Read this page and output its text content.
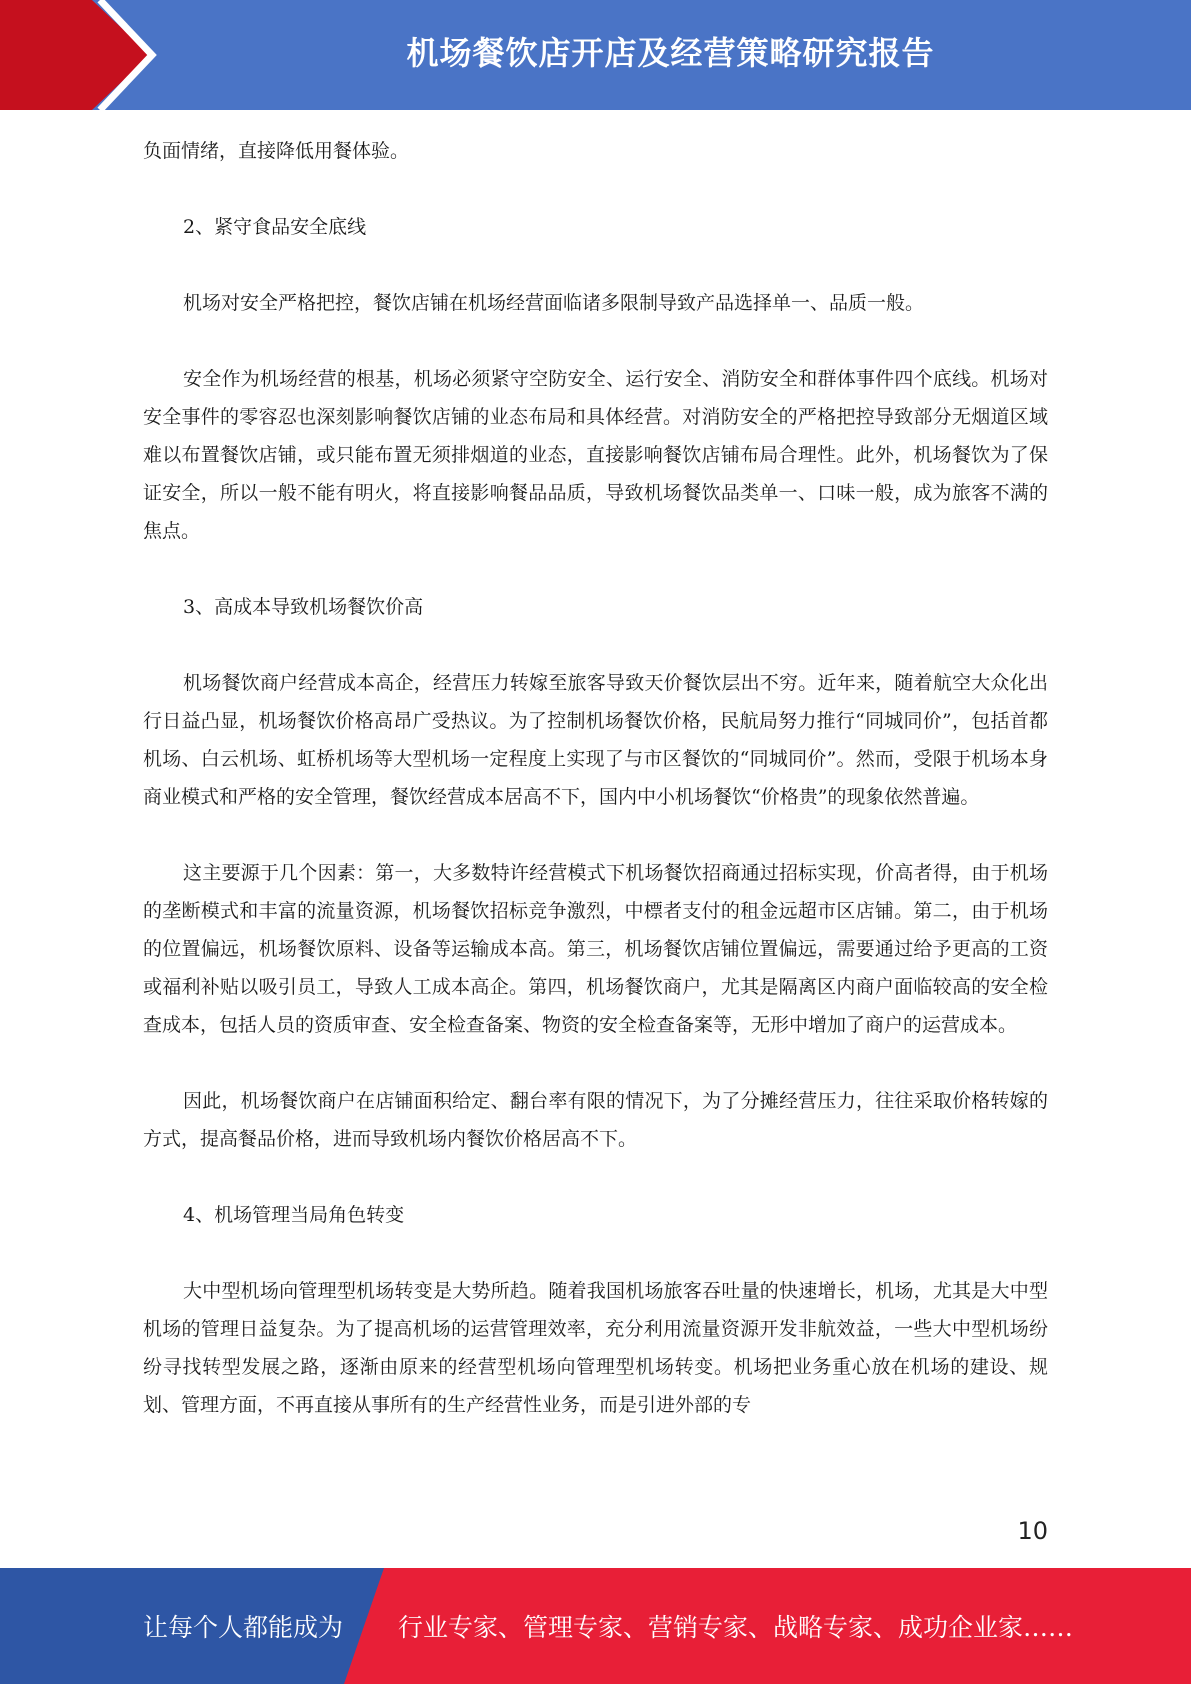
机场餐饮店开店及经营策略研究报告

负面情绪，直接降低用餐体验。

2、紧守食品安全底线

机场对安全严格把控，餐饮店铺在机场经营面临诸多限制导致产品选择单一、品质一般。

安全作为机场经营的根基，机场必须紧守空防安全、运行安全、消防安全和群体事件四个底线。机场对安全事件的零容忍也深刻影响餐饮店铺的业态布局和具体经营。对消防安全的严格把控导致部分无烟道区域难以布置餐饮店铺，或只能布置无须排烟道的业态，直接影响餐饮店铺布局合理性。此外，机场餐饮为了保证安全，所以一般不能有明火，将直接影响餐品品质，导致机场餐饮品类单一、口味一般，成为旅客不满的焦点。

3、高成本导致机场餐饮价高

机场餐饮商户经营成本高企，经营压力转嫁至旅客导致天价餐饮层出不穷。近年来，随着航空大众化出行日益凸显，机场餐饮价格高昂广受热议。为了控制机场餐饮价格，民航局努力推行“同城同价”，包括首都机场、白云机场、虹桥机场等大型机场一定程度上实现了与市区餐饮的“同城同价”。然而，受限于机场本身商业模式和严格的安全管理，餐饮经营成本居高不下，国内中小机场餐饮“价格贵”的现象依然普遍。

这主要源于几个因素：第一，大多数特许经营模式下机场餐饮招商通过招标实现，价高者得，由于机场的垄断模式和丰富的流量资源，机场餐饮招标竞争激烈，中標者支付的租金远超市区店铺。第二，由于机场的位置偏远，机场餐饮原料、设备等运输成本高。第三，机场餐饮店铺位置偏远，需要通过给予更高的工资或福利补贴以吸引员工，导致人工成本高企。第四，机场餐饮商户，尤其是隔离区内商户面临较高的安全检查成本，包括人员的资质审查、安全检查备案、物资的安全检查备案等，无形中增加了商户的运营成本。

因此，机场餐饮商户在店铺面积给定、翻台率有限的情况下，为了分摊经营压力，往往采取价格转嫁的方式，提高餐品价格，进而导致机场内餐饮价格居高不下。

4、机场管理当局角色转变

大中型机场向管理型机场转变是大势所趋。随着我国机场旅客吞吐量的快速增长，机场，尤其是大中型机场的管理日益复杂。为了提高机场的运营管理效率，充分利用流量资源开发非航效益，一些大中型机场纷纷寻找转型发展之路，逐渐由原来的经营型机场向管理型机场转变。机场把业务重心放在机场的建设、规划、管理方面，不再直接从事所有的生产经营性业务，而是引进外部的专

10
让每个人都能成为 行业专家、管理专家、营销专家、战略专家、成功企业家……
